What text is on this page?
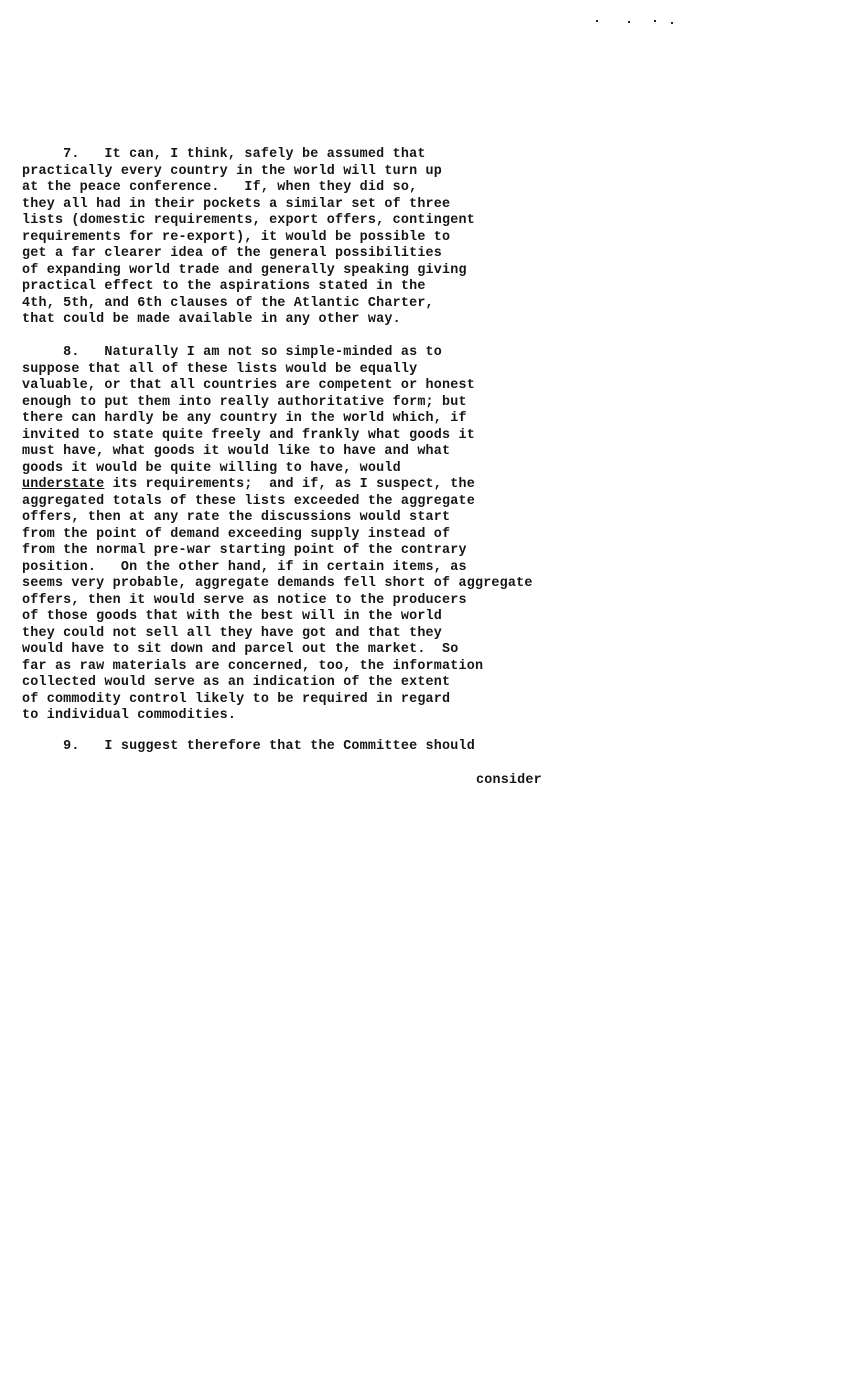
7.   It can, I think, safely be assumed that
practically every country in the world will turn up
at the peace conference.   If, when they did so,
they all had in their pockets a similar set of three
lists (domestic requirements, export offers, contingent
requirements for re-export), it would be possible to
get a far clearer idea of the general possibilities
of expanding world trade and generally speaking giving
practical effect to the aspirations stated in the
4th, 5th, and 6th clauses of the Atlantic Charter,
that could be made available in any other way.
8.   Naturally I am not so simple-minded as to
suppose that all of these lists would be equally
valuable, or that all countries are competent or honest
enough to put them into really authoritative form; but
there can hardly be any country in the world which, if
invited to state quite freely and frankly what goods it
must have, what goods it would like to have and what
goods it would be quite willing to have, would
understate its requirements;  and if, as I suspect, the
aggregated totals of these lists exceeded the aggregate
offers, then at any rate the discussions would start
from the point of demand exceeding supply instead of
from the normal pre-war starting point of the contrary
position.   On the other hand, if in certain items, as
seems very probable, aggregate demands fell short of aggregate
offers, then it would serve as notice to the producers
of those goods that with the best will in the world
they could not sell all they have got and that they
would have to sit down and parcel out the market.  So
far as raw materials are concerned, too, the information
collected would serve as an indication of the extent
of commodity control likely to be required in regard
to individual commodities.
9.   I suggest therefore that the Committee should
consider
